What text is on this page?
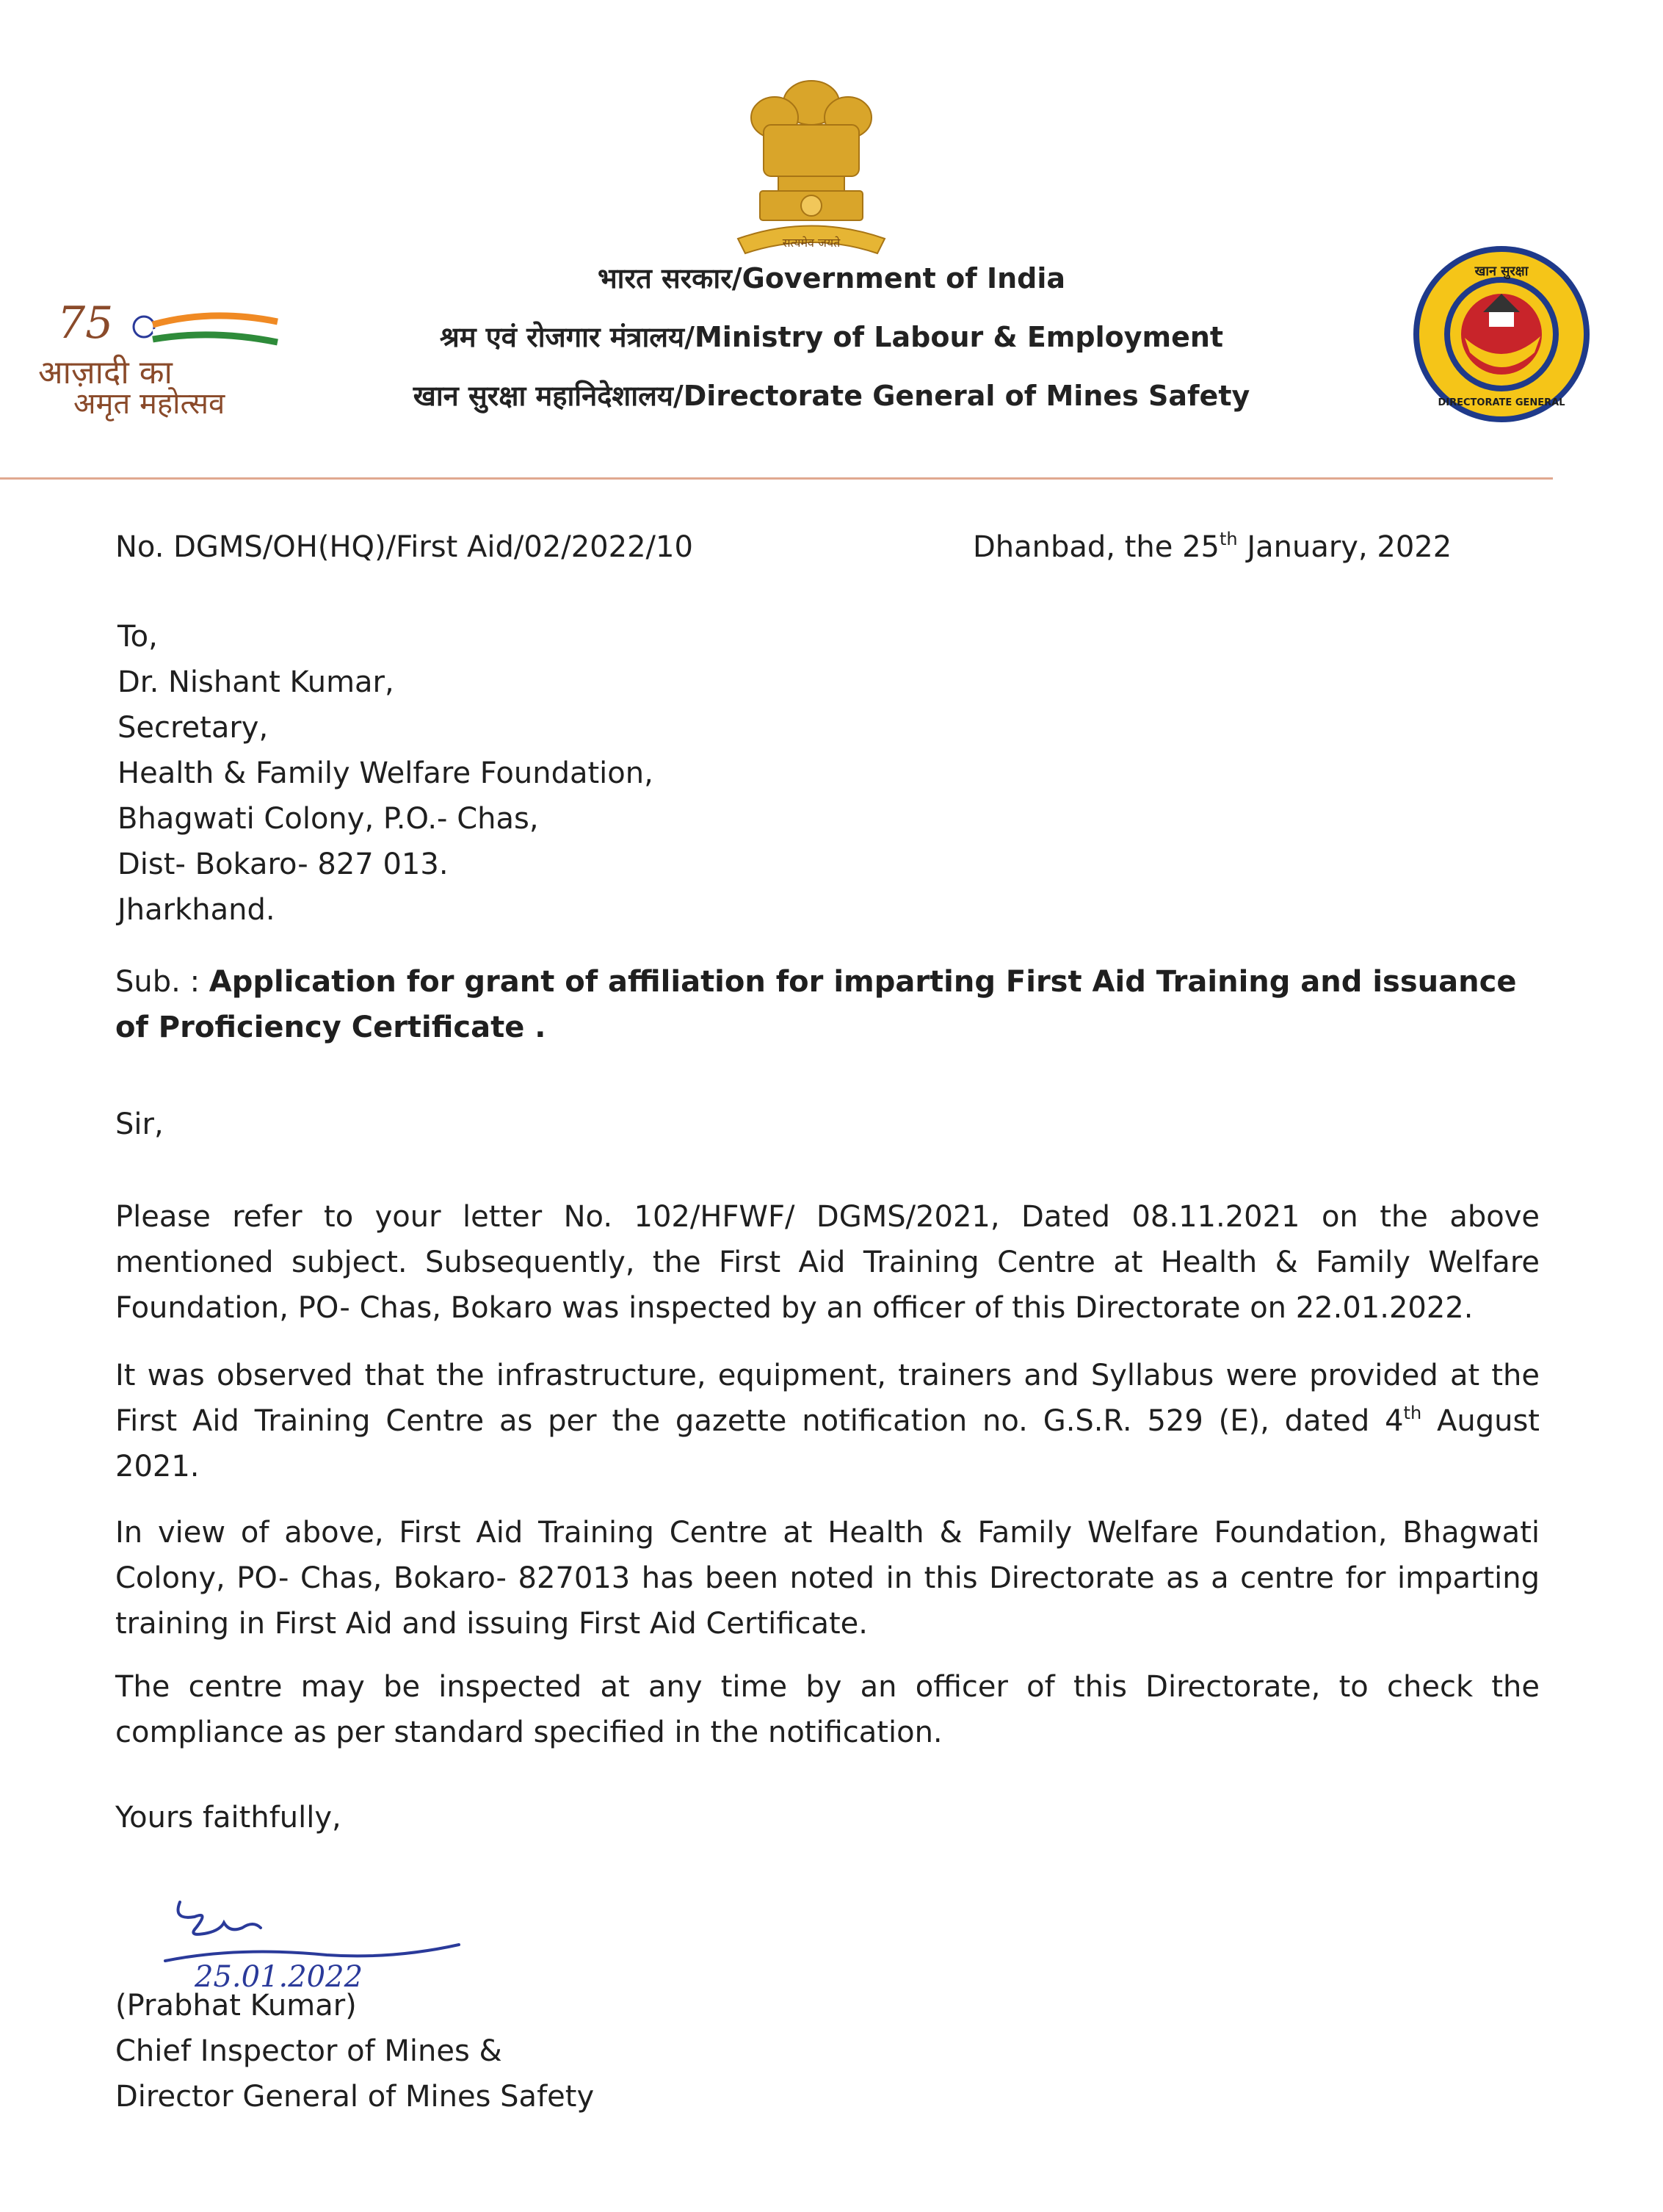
सत्यमेव जयते
75
आज़ादी का
अमृत महोत्सव
खान सुरक्षा
DIRECTORATE GENERAL
भारत सरकार/Government of India
श्रम एवं रोजगार मंत्रालय/Ministry of Labour & Employment
खान सुरक्षा महानिदेशालय/Directorate General of Mines Safety
No. DGMS/OH(HQ)/First Aid/02/2022/10	Dhanbad, the 25th January, 2022
To,
Dr. Nishant Kumar,
Secretary,
Health & Family Welfare Foundation,
Bhagwati Colony, P.O.- Chas,
Dist- Bokaro- 827 013.
Jharkhand.
Sub. : Application for grant of affiliation for imparting First Aid Training and issuance of Proficiency Certificate .
Sir,
Please refer to your letter No. 102/HFWF/ DGMS/2021, Dated 08.11.2021 on the above mentioned subject. Subsequently, the First Aid Training Centre at Health & Family Welfare Foundation, PO- Chas, Bokaro was inspected by an officer of this Directorate on 22.01.2022.
It was observed that the infrastructure, equipment, trainers and Syllabus were provided at the First Aid Training Centre as per the gazette notification no. G.S.R. 529 (E), dated 4th August 2021.
In view of above, First Aid Training Centre at Health & Family Welfare Foundation, Bhagwati Colony, PO- Chas, Bokaro- 827013 has been noted in this Directorate as a centre for imparting training in First Aid and issuing First Aid Certificate.
The centre may be inspected at any time by an officer of this Directorate, to check the compliance as per standard specified in the notification.
Yours faithfully,
25.01.2022
(Prabhat Kumar)
Chief Inspector of Mines &
Director General of Mines Safety
